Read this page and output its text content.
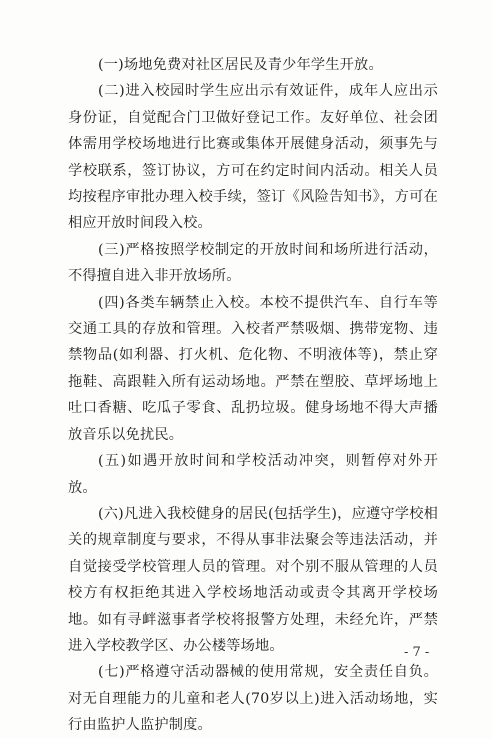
(一)场地免费对社区居民及青少年学生开放。

(二)进入校园时学生应出示有效证件，成年人应出示身份证，自觉配合门卫做好登记工作。友好单位、社会团体需用学校场地进行比赛或集体开展健身活动，须事先与学校联系，签订协议，方可在约定时间内活动。相关人员均按程序审批办理入校手续，签订《风险告知书》，方可在相应开放时间段入校。

(三)严格按照学校制定的开放时间和场所进行活动，不得擅自进入非开放场所。

(四)各类车辆禁止入校。本校不提供汽车、自行车等交通工具的存放和管理。入校者严禁吸烟、携带宠物、违禁物品(如利器、打火机、危化物、不明液体等)，禁止穿拖鞋、高跟鞋入所有运动场地。严禁在塑胶、草坪场地上吐口香糖、吃瓜子零食、乱扔垃圾。健身场地不得大声播放音乐以免扰民。

(五)如遇开放时间和学校活动冲突，则暂停对外开放。

(六)凡进入我校健身的居民(包括学生)，应遵守学校相关的规章制度与要求，不得从事非法聚会等违法活动，并自觉接受学校管理人员的管理。对个别不服从管理的人员校方有权拒绝其进入学校场地活动或责令其离开学校场地。如有寻衅滋事者学校将报警方处理，未经允许，严禁进入学校教学区、办公楼等场地。

(七)严格遵守活动器械的使用常规，安全责任自负。对无自理能力的儿童和老人(70岁以上)进入活动场地，实行由监护人监护制度。

- 7 -
